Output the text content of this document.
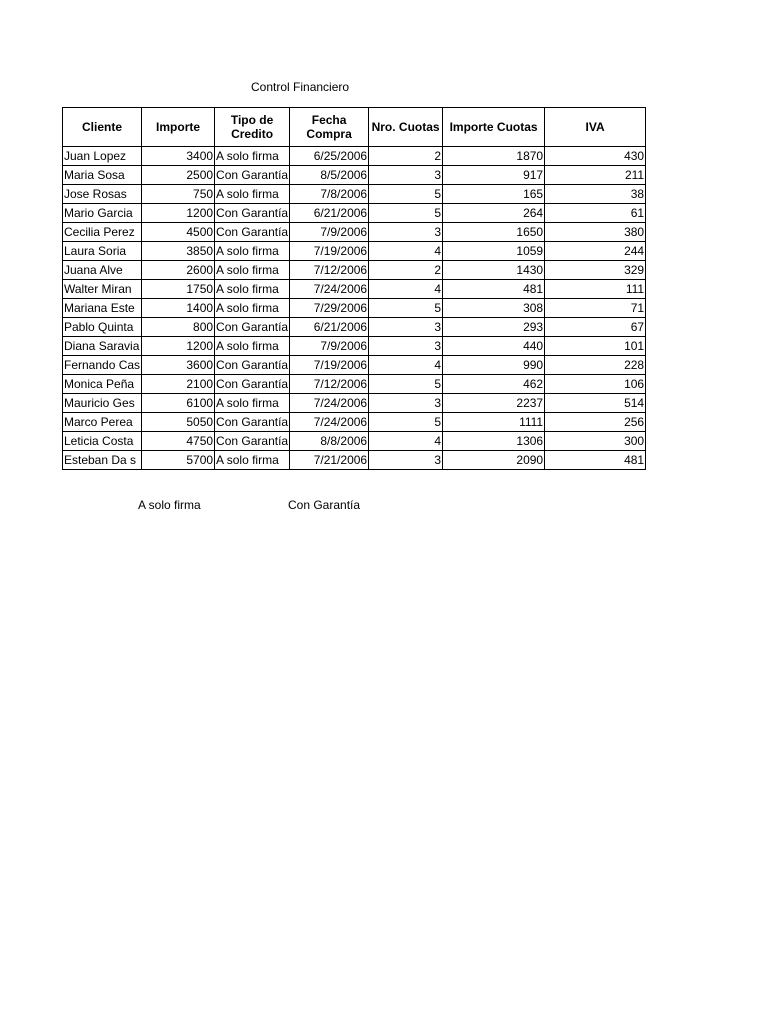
Control Financiero
Cliente	Importe	Tipo de Credito	Fecha Compra	Nro. Cuotas	Importe Cuotas	IVA
Juan Lopez	3400	A solo firma	6/25/2006	2	1870	430
Maria Sosa	2500	Con Garantía	8/5/2006	3	917	211
Jose Rosas	750	A solo firma	7/8/2006	5	165	38
Mario Garcia	1200	Con Garantía	6/21/2006	5	264	61
Cecilia Perez	4500	Con Garantía	7/9/2006	3	1650	380
Laura Soria	3850	A solo firma	7/19/2006	4	1059	244
Juana Alve	2600	A solo firma	7/12/2006	2	1430	329
Walter Miran	1750	A solo firma	7/24/2006	4	481	111
Mariana Este	1400	A solo firma	7/29/2006	5	308	71
Pablo Quinta	800	Con Garantía	6/21/2006	3	293	67
Diana Saravia	1200	A solo firma	7/9/2006	3	440	101
Fernando Cas	3600	Con Garantía	7/19/2006	4	990	228
Monica Peña	2100	Con Garantía	7/12/2006	5	462	106
Mauricio Ges	6100	A solo firma	7/24/2006	3	2237	514
Marco Perea	5050	Con Garantía	7/24/2006	5	1111	256
Leticia Costa	4750	Con Garantía	8/8/2006	4	1306	300
Esteban Da s	5700	A solo firma	7/21/2006	3	2090	481
A solo firma	Con Garantía
